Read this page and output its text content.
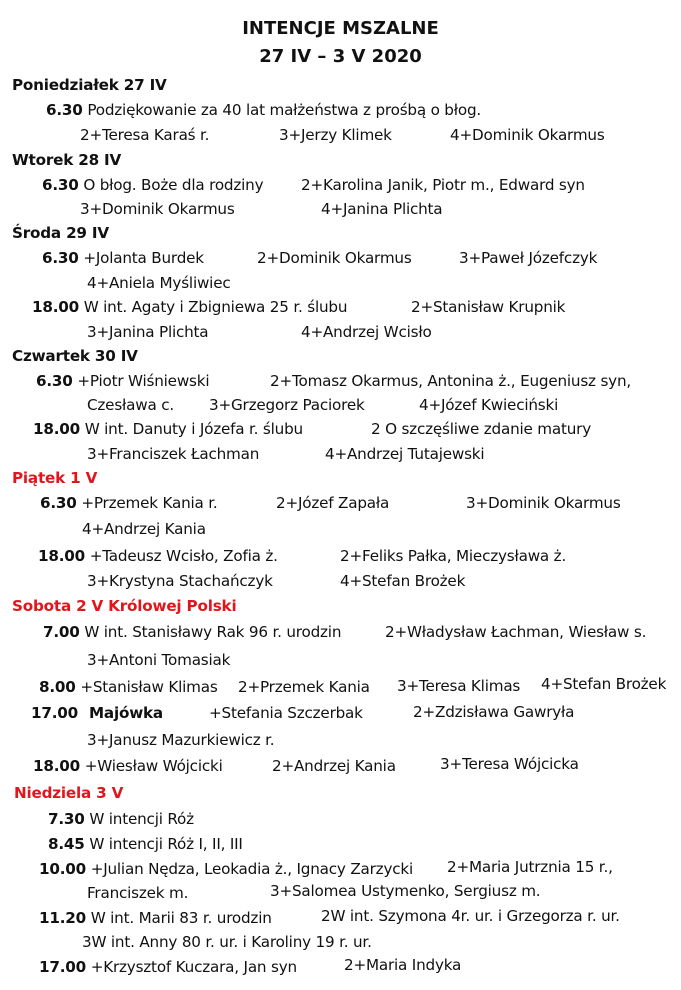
INTENCJE MSZALNE
27 IV – 3 V 2020
Poniedziałek 27 IV
6.30 Podziękowanie za 40 lat małżeństwa z prośbą o błog.
2+Teresa Karaś r.	3+Jerzy Klimek	4+Dominik Okarmus
Wtorek 28 IV
6.30 O błog. Boże dla rodziny 2+Karolina Janik, Piotr m., Edward syn
3+Dominik Okarmus	4+Janina Plichta
Środa 29 IV
6.30 +Jolanta Burdek	2+Dominik Okarmus	3+Paweł Józefczyk
4+Aniela Myśliwiec
18.00 W int. Agaty i Zbigniewa 25 r. ślubu	2+Stanisław Krupnik
3+Janina Plichta	4+Andrzej Wcisło
Czwartek 30 IV
6.30 +Piotr Wiśniewski	2+Tomasz Okarmus, Antonina ż., Eugeniusz syn,
Czesława c. 3+Grzegorz Paciorek	4+Józef Kwieciński
18.00 W int. Danuty i Józefa r. ślubu	2 O szczęśliwe zdanie matury
3+Franciszek Łachman	4+Andrzej Tutajewski
Piątek 1 V
6.30 +Przemek Kania r.	2+Józef Zapała	3+Dominik Okarmus
4+Andrzej Kania
18.00 +Tadeusz Wcisło, Zofia ż.	2+Feliks Pałka, Mieczysława ż.
3+Krystyna Stachańczyk	4+Stefan Brożek
Sobota 2 V Królowej Polski
7.00 W int. Stanisławy Rak 96 r. urodzin	2+Władysław Łachman, Wiesław s.
3+Antoni Tomasiak
8.00 +Stanisław Klimas 2+Przemek Kania 3+Teresa Klimas 4+Stefan Brożek
17.00 Majówka	+Stefania Szczerbak	2+Zdzisława Gawryła
3+Janusz Mazurkiewicz r.
18.00 +Wiesław Wójcicki	2+Andrzej Kania	3+Teresa Wójcicka
Niedziela 3 V
7.30 W intencji Róż
8.45 W intencji Róż I, II, III
10.00 +Julian Nędza, Leokadia ż., Ignacy Zarzycki 2+Maria Jutrznia 15 r.,
Franciszek m.	3+Salomea Ustymenko, Sergiusz m.
11.20 W int. Marii 83 r. urodzin	2W int. Szymona 4r. ur. i Grzegorza r. ur.
3W int. Anny 80 r. ur. i Karoliny 19 r. ur.
17.00 +Krzysztof Kuczara, Jan syn	2+Maria Indyka
